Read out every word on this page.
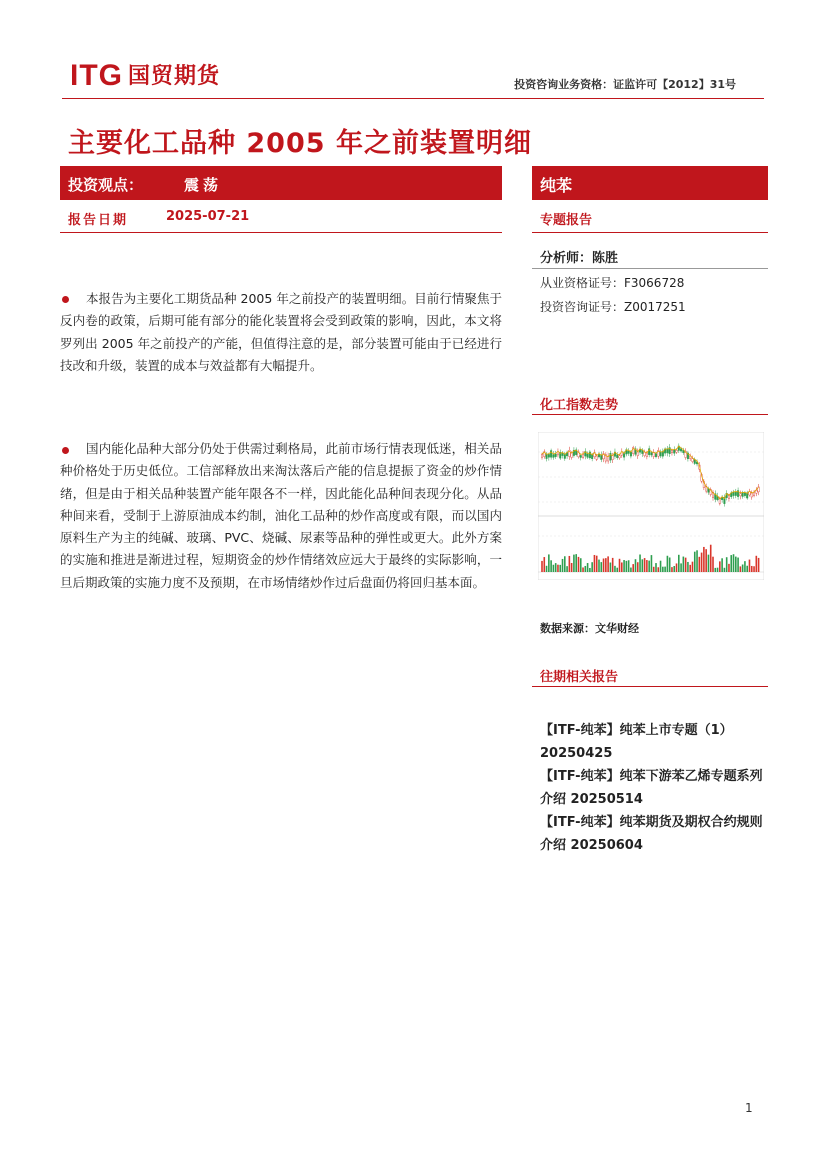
ITG 国贸期货	投资咨询业务资格：证监许可【2012】31号
主要化工品种 2005 年之前装置明细
投资观点：	震荡
报告日期	2025-07-21

本报告为主要化工期货品种 2005 年之前投产的装置明细。目前行情聚焦于反内卷的政策，后期可能有部分的能化装置将会受到政策的影响，因此，本文将罗列出 2005 年之前投产的产能，但值得注意的是，部分装置可能由于已经进行技改和升级，装置的成本与效益都有大幅提升。

国内能化品种大部分仍处于供需过剩格局，此前市场行情表现低迷，相关品种价格处于历史低位。工信部释放出来淘汰落后产能的信息提振了资金的炒作情绪，但是由于相关品种装置产能年限各不一样，因此能化品种间表现分化。从品种间来看，受制于上游原油成本约制，油化工品种的炒作高度或有限，而以国内原料生产为主的纯碱、玻璃、PVC、烧碱、尿素等品种的弹性或更大。此外方案的实施和推进是渐进过程，短期资金的炒作情绪效应远大于最终的实际影响，一旦后期政策的实施力度不及预期，在市场情绪炒作过后盘面仍将回归基本面。

纯苯
专题报告
分析师：陈胜
从业资格证号：F3066728
投资咨询证号：Z0017251
化工指数走势
数据来源：文华财经
往期相关报告
【ITF-纯苯】纯苯上市专题（1）20250425
【ITF-纯苯】纯苯下游苯乙烯专题系列介绍 20250514
【ITF-纯苯】纯苯期货及期权合约规则介绍 20250604
1
